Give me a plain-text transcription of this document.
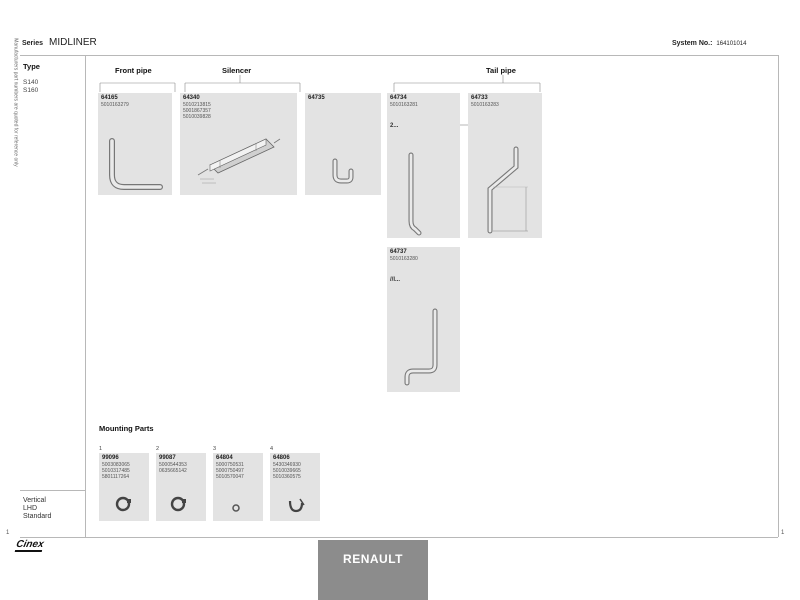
Series MIDLINER	System No.: 164101014
Type
S140
S160
Manufacturers part numbers are quoted for reference only
Vertical
LHD
Standard
Front pipe	Silencer	Tail pipe
64165
5010163279
64340
5010213815
5001867357
5010039828
64735	64734
5010163281
2...
64733
5010163283
64737
5010163280
//I...
Mounting Parts
1
99096
5003083065
5010317485
5801117264
2
99087
5000544353
0635665142
3
64804
5000750531
5000750497
5010570047
4
64806
5430346930
5010039665
5010360575
1	1
Cinex
RENAULT
